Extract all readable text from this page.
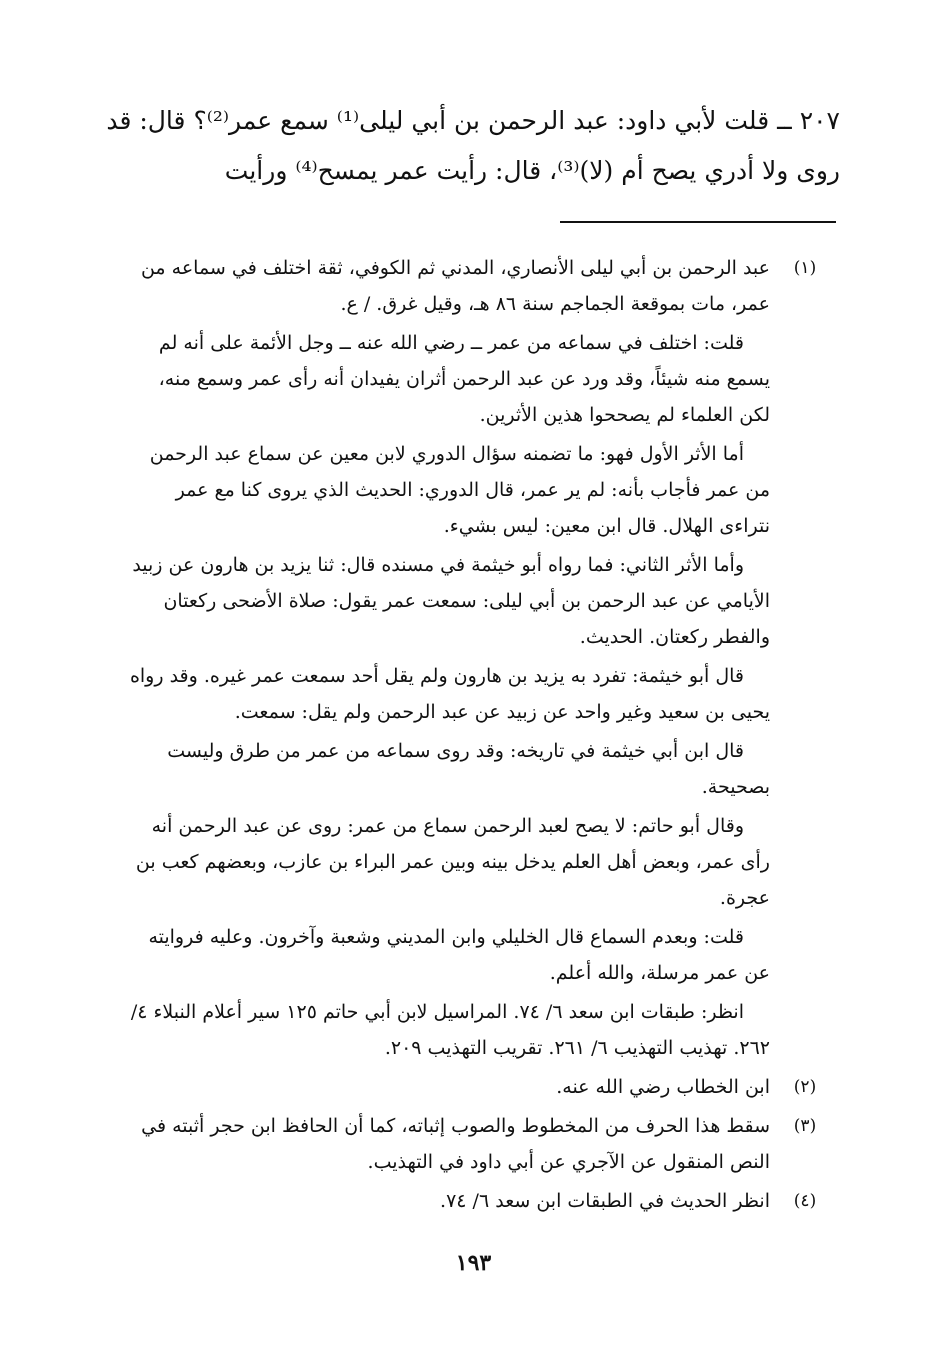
٢٠٧ ــ قلت لأبي داود: عبد الرحمن بن أبي ليلى⁽¹⁾ سمع عمر⁽²⁾؟ قال: قد
روى ولا أدري يصح أم (لا)⁽³⁾، قال: رأيت عمر يمسح⁽⁴⁾ ورأيت
(١)
عبد الرحمن بن أبي ليلى الأنصاري، المدني ثم الكوفي، ثقة اختلف في سماعه من عمر، مات بموقعة الجماجم سنة ٨٦ هـ، وقيل غرق. / ع.
قلت: اختلف في سماعه من عمر ــ رضي الله عنه ــ وجل الأئمة على أنه لم يسمع منه شيئاً، وقد ورد عن عبد الرحمن أثران يفيدان أنه رأى عمر وسمع منه، لكن العلماء لم يصححوا هذين الأثرين.
أما الأثر الأول فهو: ما تضمنه سؤال الدوري لابن معين عن سماع عبد الرحمن من عمر فأجاب بأنه: لم ير عمر، قال الدوري: الحديث الذي يروى كنا مع عمر نتراءى الهلال. قال ابن معين: ليس بشيء.
وأما الأثر الثاني: فما رواه أبو خيثمة في مسنده قال: ثنا يزيد بن هارون عن زبيد الأيامي عن عبد الرحمن بن أبي ليلى: سمعت عمر يقول: صلاة الأضحى ركعتان والفطر ركعتان. الحديث.
قال أبو خيثمة: تفرد به يزيد بن هارون ولم يقل أحد سمعت عمر غيره. وقد رواه يحيى بن سعيد وغير واحد عن زبيد عن عبد الرحمن ولم يقل: سمعت.
قال ابن أبي خيثمة في تاريخه: وقد روى سماعه من عمر من طرق وليست بصحيحة.
وقال أبو حاتم: لا يصح لعبد الرحمن سماع من عمر: روى عن عبد الرحمن أنه رأى عمر، وبعض أهل العلم يدخل بينه وبين عمر البراء بن عازب، وبعضهم كعب بن عجرة.
قلت: وبعدم السماع قال الخليلي وابن المديني وشعبة وآخرون. وعليه فروايته عن عمر مرسلة، والله أعلم.
انظر: طبقات ابن سعد ٦/ ٧٤. المراسيل لابن أبي حاتم ١٢٥ سير أعلام النبلاء ٤/ ٢٦٢. تهذيب التهذيب ٦/ ٢٦١. تقريب التهذيب ٢٠٩.
(٢)
ابن الخطاب رضي الله عنه.
(٣)
سقط هذا الحرف من المخطوط والصوب إثباته، كما أن الحافظ ابن حجر أثبته في النص المنقول عن الآجري عن أبي داود في التهذيب.
(٤)
انظر الحديث في الطبقات ابن سعد ٦/ ٧٤.
١٩٣
